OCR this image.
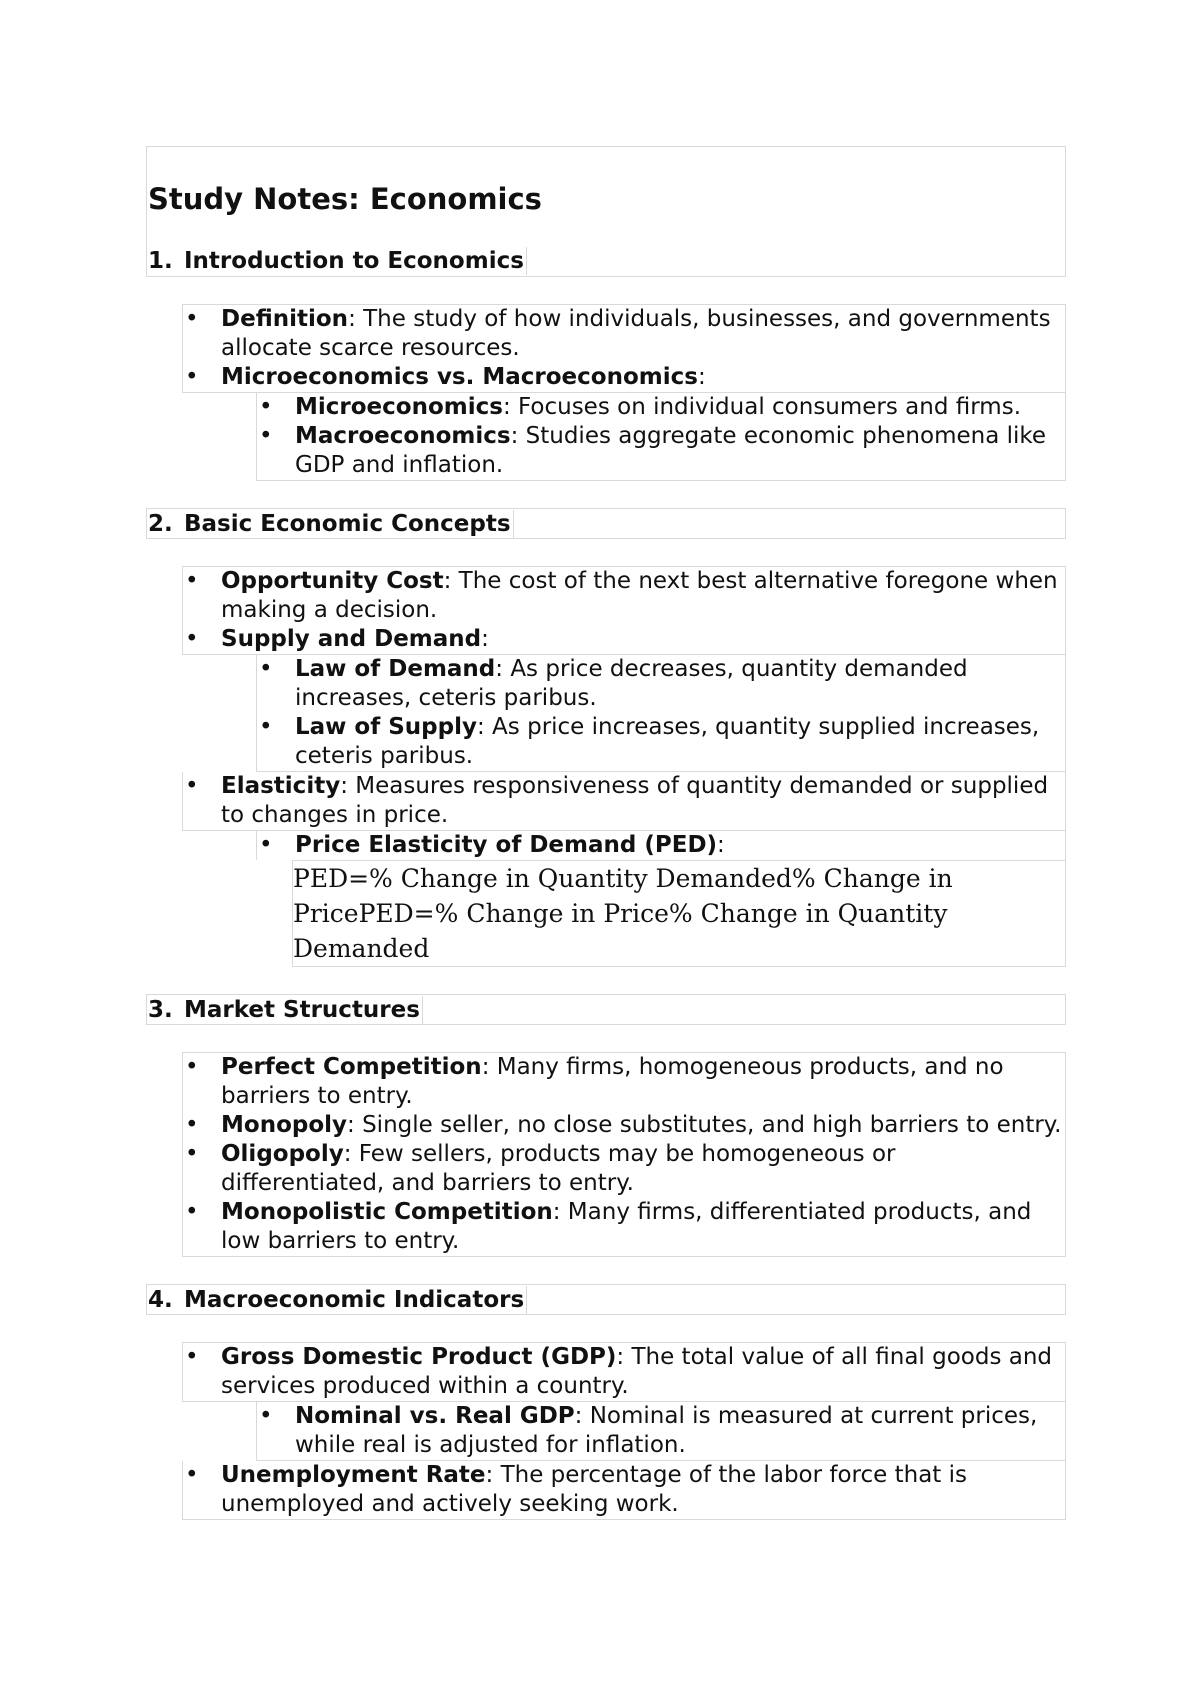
Study Notes: Economics
1. Introduction to Economics
• Definition: The study of how individuals, businesses, and governments allocate scarce resources.
• Microeconomics vs. Macroeconomics:
• Microeconomics: Focuses on individual consumers and firms.
• Macroeconomics: Studies aggregate economic phenomena like GDP and inflation.
2. Basic Economic Concepts
• Opportunity Cost: The cost of the next best alternative foregone when making a decision.
• Supply and Demand:
• Law of Demand: As price decreases, quantity demanded increases, ceteris paribus.
• Law of Supply: As price increases, quantity supplied increases, ceteris paribus.
• Elasticity: Measures responsiveness of quantity demanded or supplied to changes in price.
• Price Elasticity of Demand (PED):
PED=% Change in Quantity Demanded% Change in PricePED=% Change in Price% Change in Quantity Demanded
3. Market Structures
• Perfect Competition: Many firms, homogeneous products, and no barriers to entry.
• Monopoly: Single seller, no close substitutes, and high barriers to entry.
• Oligopoly: Few sellers, products may be homogeneous or differentiated, and barriers to entry.
• Monopolistic Competition: Many firms, differentiated products, and low barriers to entry.
4. Macroeconomic Indicators
• Gross Domestic Product (GDP): The total value of all final goods and services produced within a country.
• Nominal vs. Real GDP: Nominal is measured at current prices, while real is adjusted for inflation.
• Unemployment Rate: The percentage of the labor force that is unemployed and actively seeking work.
